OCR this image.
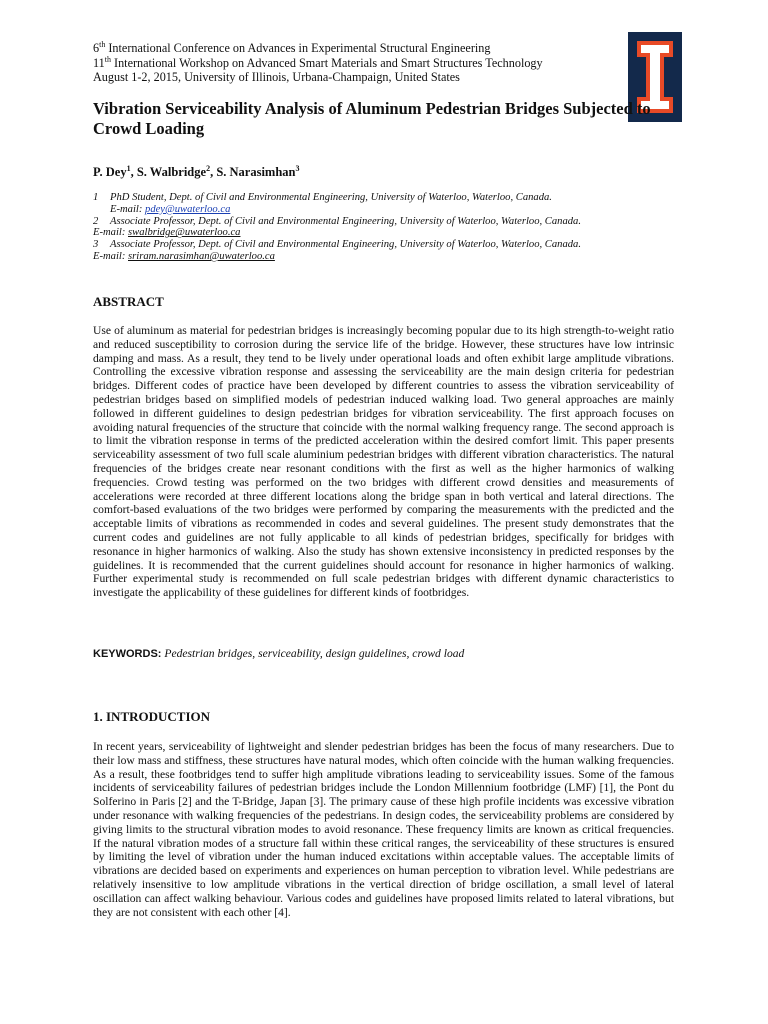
6th International Conference on Advances in Experimental Structural Engineering
11th International Workshop on Advanced Smart Materials and Smart Structures Technology
August 1-2, 2015, University of Illinois, Urbana-Champaign, United States
Vibration Serviceability Analysis of Aluminum Pedestrian Bridges Subjected to Crowd Loading
P. Dey$^1$, S. Walbridge$^2$, S. Narasimhan$^3$
1 PhD Student, Dept. of Civil and Environmental Engineering, University of Waterloo, Waterloo, Canada.
E-mail: pdey@uwaterloo.ca
2 Associate Professor, Dept. of Civil and Environmental Engineering, University of Waterloo, Waterloo, Canada.
E-mail: swalbridge@uwaterloo.ca
3 Associate Professor, Dept. of Civil and Environmental Engineering, University of Waterloo, Waterloo, Canada.
E-mail: sriram.narasimhan@uwaterloo.ca
ABSTRACT

Use of aluminum as material for pedestrian bridges is increasingly becoming popular due to its high strength-to-weight ratio and reduced susceptibility to corrosion during the service life of the bridge. However, these structures have low intrinsic damping and mass. As a result, they tend to be lively under operational loads and often exhibit large amplitude vibrations. Controlling the excessive vibration response and assessing the serviceability are the main design criteria for pedestrian bridges. Different codes of practice have been developed by different countries to assess the vibration serviceability of pedestrian bridges based on simplified models of pedestrian induced walking load. Two general approaches are mainly followed in different guidelines to design pedestrian bridges for vibration serviceability. The first approach focuses on avoiding natural frequencies of the structure that coincide with the normal walking frequency range. The second approach is to limit the vibration response in terms of the predicted acceleration within the desired comfort limit. This paper presents serviceability assessment of two full scale aluminium pedestrian bridges with different vibration characteristics. The natural frequencies of the bridges create near resonant conditions with the first as well as the higher harmonics of walking frequencies. Crowd testing was performed on the two bridges with different crowd densities and measurements of accelerations were recorded at three different locations along the bridge span in both vertical and lateral directions. The comfort-based evaluations of the two bridges were performed by comparing the measurements with the predicted and the acceptable limits of vibrations as recommended in codes and several guidelines. The present study demonstrates that the current codes and guidelines are not fully applicable to all kinds of pedestrian bridges, specifically for bridges with resonance in higher harmonics of walking. Also the study has shown extensive inconsistency in predicted responses by the guidelines. It is recommended that the current guidelines should account for resonance in higher harmonics of walking. Further experimental study is recommended on full scale pedestrian bridges with different dynamic characteristics to investigate the applicability of these guidelines for different kinds of footbridges.

KEYWORDS: Pedestrian bridges, serviceability, design guidelines, crowd load
1. INTRODUCTION

In recent years, serviceability of lightweight and slender pedestrian bridges has been the focus of many researchers. Due to their low mass and stiffness, these structures have natural modes, which often coincide with the human walking frequencies. As a result, these footbridges tend to suffer high amplitude vibrations leading to serviceability issues. Some of the famous incidents of serviceability failures of pedestrian bridges include the London Millennium footbridge (LMF) [1], the Pont du Solferino in Paris [2] and the T-Bridge, Japan [3]. The primary cause of these high profile incidents was excessive vibration under resonance with walking frequencies of the pedestrians. In design codes, the serviceability problems are considered by giving limits to the structural vibration modes to avoid resonance. These frequency limits are known as critical frequencies. If the natural vibration modes of a structure fall within these critical ranges, the serviceability of these structures is ensured by limiting the level of vibration under the human induced excitations within acceptable values. The acceptable limits of vibrations are decided based on experiments and experiences on human perception to vibration level. While pedestrians are relatively insensitive to low amplitude vibrations in the vertical direction of bridge oscillation, a small level of lateral oscillation can affect walking behaviour. Various codes and guidelines have proposed limits related to lateral vibrations, but they are not consistent with each other [4].
